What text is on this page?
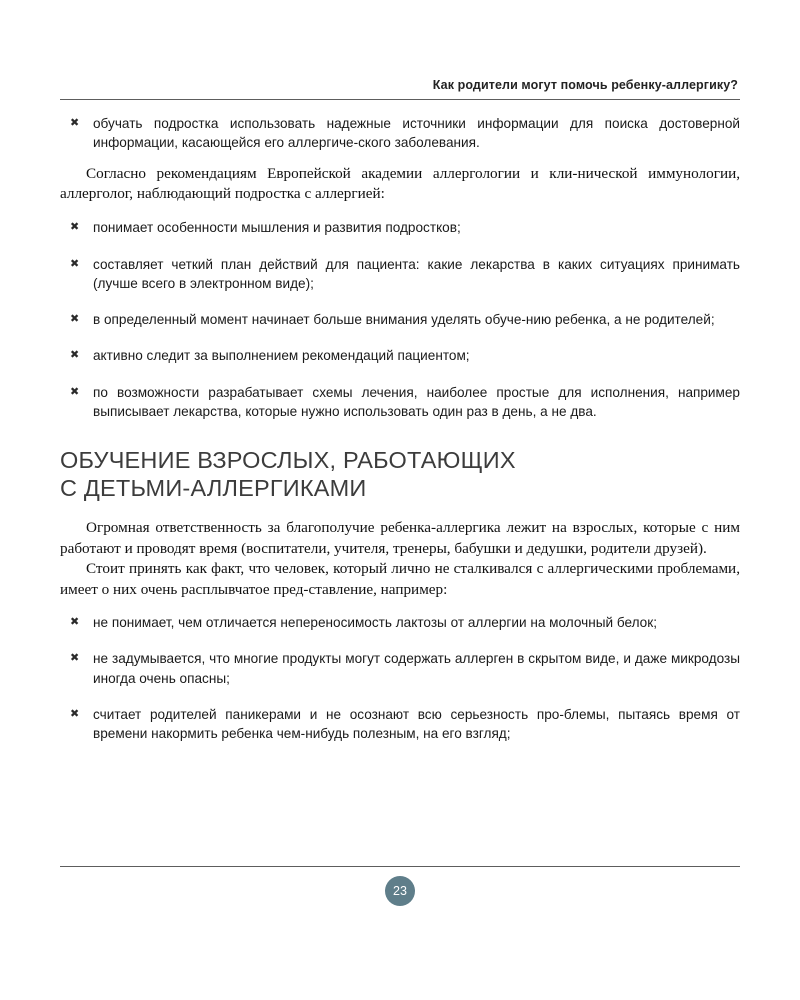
Как родители могут помочь ребенку-аллергику?
✖ обучать подростка использовать надежные источники информации для поиска достоверной информации, касающейся его аллергиче-ского заболевания.

Согласно рекомендациям Европейской академии аллергологии и кли-нической иммунологии, аллерголог, наблюдающий подростка с аллергией:

✖ понимает особенности мышления и развития подростков;
✖ составляет четкий план действий для пациента: какие лекарства в каких ситуациях принимать (лучше всего в электронном виде);
✖ в определенный момент начинает больше внимания уделять обуче-нию ребенка, а не родителей;
✖ активно следит за выполнением рекомендаций пациентом;
✖ по возможности разрабатывает схемы лечения, наиболее простые для исполнения, например выписывает лекарства, которые нужно использовать один раз в день, а не два.
ОБУЧЕНИЕ ВЗРОСЛЫХ, РАБОТАЮЩИХ
С ДЕТЬМИ-АЛЛЕРГИКАМИ

Огромная ответственность за благополучие ребенка-аллергика лежит на взрослых, которые с ним работают и проводят время (воспитатели, учителя, тренеры, бабушки и дедушки, родители друзей).

Стоит принять как факт, что человек, который лично не сталкивался с аллергическими проблемами, имеет о них очень расплывчатое пред-ставление, например:

✖ не понимает, чем отличается непереносимость лактозы от аллергии на молочный белок;
✖ не задумывается, что многие продукты могут содержать аллерген в скрытом виде, и даже микродозы иногда очень опасны;
✖ считает родителей паникерами и не осознают всю серьезность про-блемы, пытаясь время от времени накормить ребенка чем-нибудь полезным, на его взгляд;
23
